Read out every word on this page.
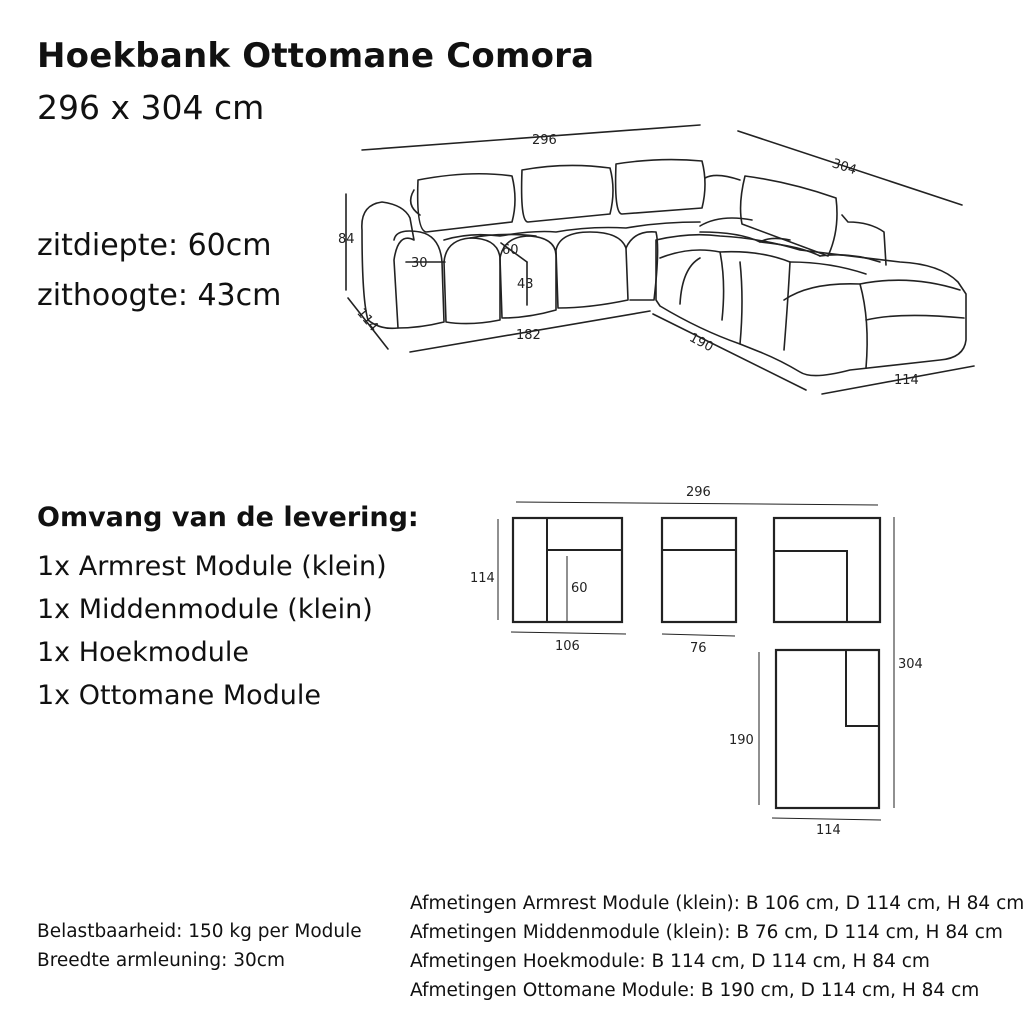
Hoekbank Ottomane Comora
296 x 304 cm
zitdiepte: 60cm
zithoogte: 43cm
296
304
84
30
60
43
114
182	190
114
Omvang van de levering:
1x Armrest Module (klein)
1x Middenmodule (klein)
1x Hoekmodule
1x Ottomane Module
296
114
60
106	76
304
190
114
Belastbaarheid: 150 kg per Module
Breedte armleuning: 30cm
Afmetingen Armrest Module (klein): B 106 cm, D 114 cm, H 84 cm
Afmetingen Middenmodule (klein): B 76 cm, D 114 cm, H 84 cm
Afmetingen Hoekmodule: B 114 cm, D 114 cm, H 84 cm
Afmetingen Ottomane Module: B 190 cm, D 114 cm, H 84 cm
